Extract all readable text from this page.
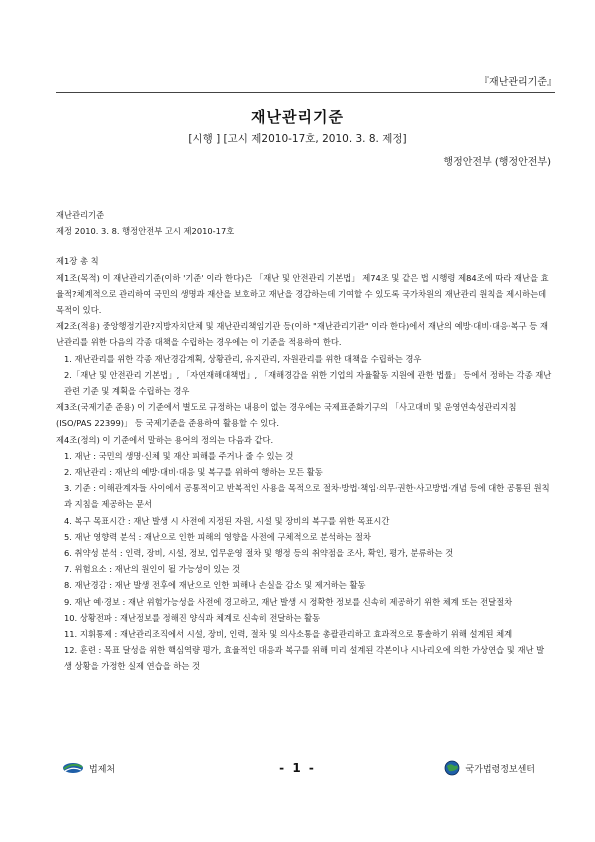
『재난관리기준』
재난관리기준
[시행 ] [고시 제2010-17호, 2010. 3. 8. 제정]
행정안전부 (행정안전부)

재난관리기준

제정 2010. 3. 8. 행정안전부 고시 제2010-17호

제1장 총 칙

제1조(목적) 이 재난관리기준(이하 '기준' 이라 한다)은 「재난 및 안전관리 기본법」 제74조 및 같은 법 시행령 제84조에 따라 재난을 효율적?체계적으로 관리하여 국민의 생명과 재산을 보호하고 재난을 경감하는데 기여할 수 있도록 국가차원의 재난관리 원칙을 제시하는데 목적이 있다.

제2조(적용) 중앙행정기관?지방자치단체 및 재난관리책임기관 등(이하 "재난관리기관" 이라 한다)에서 재난의 예방·대비·대응·복구 등 재난관리를 위한 다음의 각종 대책을 수립하는 경우에는 이 기준을 적용하여 한다.

1. 재난관리를 위한 각종 재난경감계획, 상황관리, 유지관리, 자원관리를 위한 대책을 수립하는 경우

2.「재난 및 안전관리 기본법」, 「자연재해대책법」, 「재해경감을 위한 기업의 자율활동 지원에 관한 법률」 등에서 정하는 각종 재난관련 기준 및 계획을 수립하는 경우

제3조(국제기준 준용) 이 기준에서 별도로 규정하는 내용이 없는 경우에는 국제표준화기구의 「사고대비 및 운영연속성관리지침(ISO/PAS 22399)」 등 국제기준을 준용하여 활용할 수 있다.

제4조(정의) 이 기준에서 말하는 용어의 정의는 다음과 같다.

1. 재난 : 국민의 생명·신체 및 재산 피해를 주거나 줄 수 있는 것

2. 재난관리 : 재난의 예방·대비·대응 및 복구를 위하여 행하는 모든 활동

3. 기준 : 이해관계자들 사이에서 공통적이고 반복적인 사용을 목적으로 절차·방법·책임·의무·권한·사고방법·개념 등에 대한 공통된 원칙과 지침을 제공하는 문서

4. 복구 목표시간 : 재난 발생 시 사전에 지정된 자원, 시설 및 장비의 복구를 위한 목표시간

5. 재난 영향력 분석 : 재난으로 인한 피해의 영향을 사전에 구체적으로 분석하는 절차

6. 취약성 분석 : 인력, 장비, 시설, 정보, 업무운영 절차 및 행정 등의 취약점을 조사, 확인, 평가, 분류하는 것

7. 위험요소 : 재난의 원인이 될 가능성이 있는 것

8. 재난경감 : 재난 발생 전후에 재난으로 인한 피해나 손실을 감소 및 제거하는 활동

9. 재난 예·경보 : 재난 위험가능성을 사전에 경고하고, 재난 발생 시 정확한 정보를 신속히 제공하기 위한 체계 또는 전달절차

10. 상황전파 : 재난정보를 정해진 양식과 체계로 신속히 전달하는 활동

11. 지휘통제 : 재난관리조직에서 시설, 장비, 인력, 절차 및 의사소통을 총괄관리하고 효과적으로 통솔하기 위해 설계된 체계

12. 훈련 : 목표 달성을 위한 핵심역량 평가, 효율적인 대응과 복구를 위해 미리 설계된 각본이나 시나리오에 의한 가상연습 및 재난 발생 상황을 가정한 실제 연습을 하는 것

법제처	- 1 -	국가법령정보센터
